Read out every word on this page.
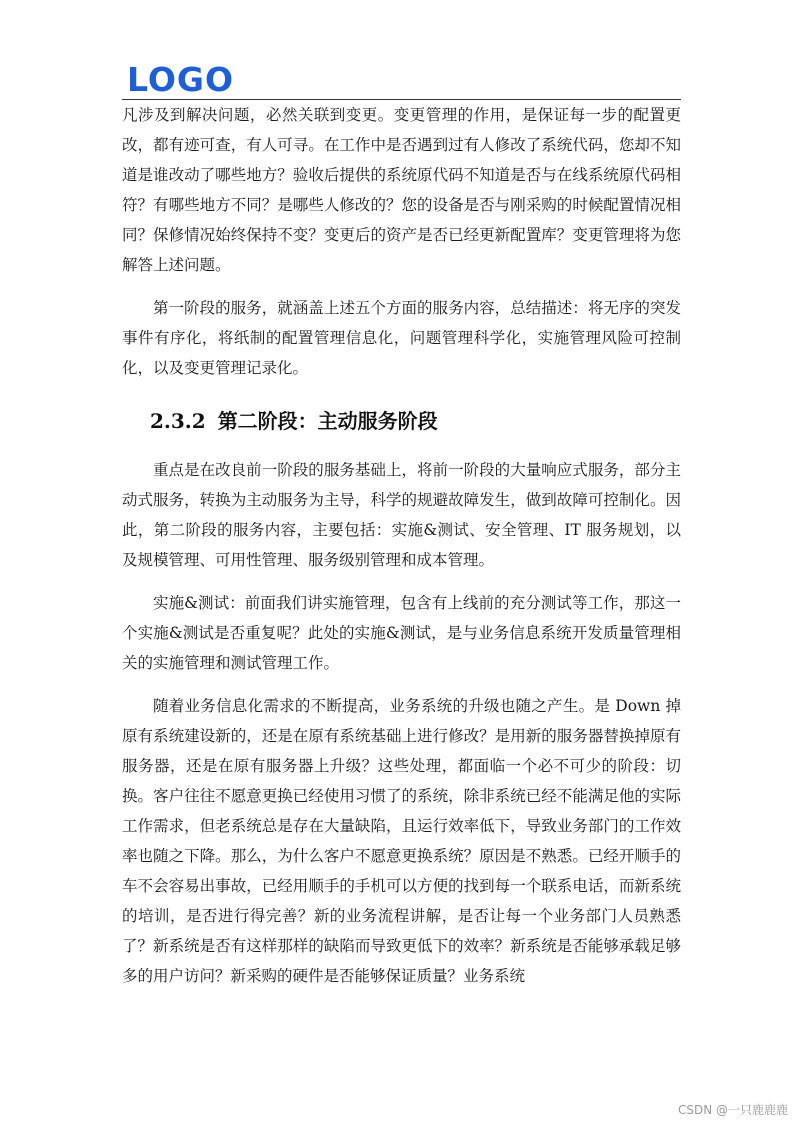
LOGO

凡涉及到解决问题，必然关联到变更。变更管理的作用，是保证每一步的配置更改，都有迹可查，有人可寻。在工作中是否遇到过有人修改了系统代码，您却不知道是谁改动了哪些地方？验收后提供的系统原代码不知道是否与在线系统原代码相符？有哪些地方不同？是哪些人修改的？您的设备是否与刚采购的时候配置情况相同？保修情况始终保持不变？变更后的资产是否已经更新配置库？变更管理将为您解答上述问题。

第一阶段的服务，就涵盖上述五个方面的服务内容，总结描述：将无序的突发事件有序化，将纸制的配置管理信息化，问题管理科学化，实施管理风险可控制化，以及变更管理记录化。

2.3.2 第二阶段：主动服务阶段

重点是在改良前一阶段的服务基础上，将前一阶段的大量响应式服务，部分主动式服务，转换为主动服务为主导，科学的规避故障发生，做到故障可控制化。因此，第二阶段的服务内容，主要包括：实施&测试、安全管理、IT 服务规划，以及规模管理、可用性管理、服务级别管理和成本管理。

实施&测试：前面我们讲实施管理，包含有上线前的充分测试等工作，那这一个实施&测试是否重复呢？此处的实施&测试，是与业务信息系统开发质量管理相关的实施管理和测试管理工作。

随着业务信息化需求的不断提高，业务系统的升级也随之产生。是 Down 掉原有系统建设新的，还是在原有系统基础上进行修改？是用新的服务器替换掉原有服务器，还是在原有服务器上升级？这些处理，都面临一个必不可少的阶段：切换。客户往往不愿意更换已经使用习惯了的系统，除非系统已经不能满足他的实际工作需求，但老系统总是存在大量缺陷，且运行效率低下，导致业务部门的工作效率也随之下降。那么，为什么客户不愿意更换系统？原因是不熟悉。已经开顺手的车不会容易出事故，已经用顺手的手机可以方便的找到每一个联系电话，而新系统的培训，是否进行得完善？新的业务流程讲解，是否让每一个业务部门人员熟悉了？新系统是否有这样那样的缺陷而导致更低下的效率？新系统是否能够承载足够多的用户访问？新采购的硬件是否能够保证质量？业务系统

CSDN @一只鹿鹿鹿
